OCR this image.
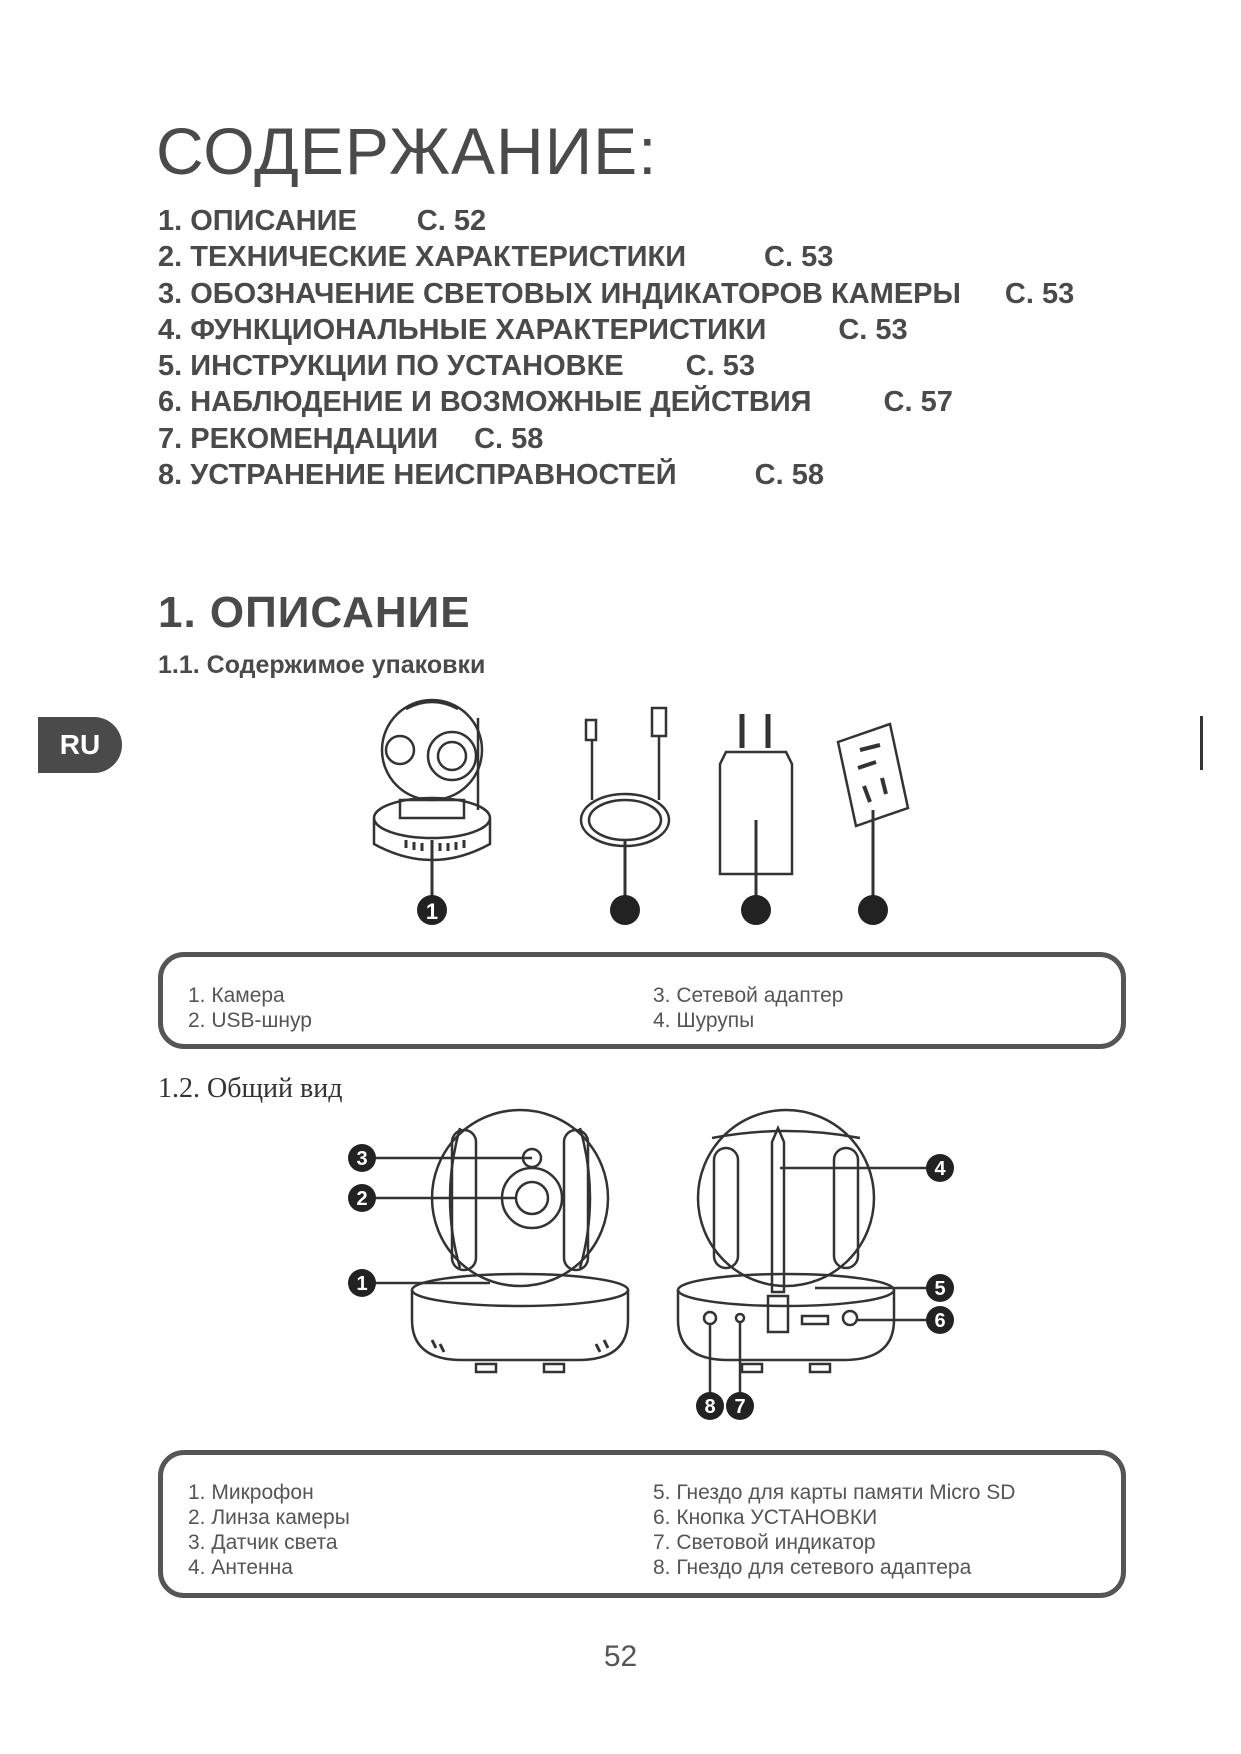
СОДЕРЖАНИЕ:
1. ОПИСАНИЕ С. 52
2. ТЕХНИЧЕСКИЕ ХАРАКТЕРИСТИКИ	С. 53
3. ОБОЗНАЧЕНИЕ СВЕТОВЫХ ИНДИКАТОРОВ КАМЕРЫ С. 53
4. ФУНКЦИОНАЛЬНЫЕ ХАРАКТЕРИСТИКИ С. 53
5. ИНСТРУКЦИИ ПО УСТАНОВКЕ С. 53
6. НАБЛЮДЕНИЕ И ВОЗМОЖНЫЕ ДЕЙСТВИЯ С. 57
7. РЕКОМЕНДАЦИИ С. 58
8. УСТРАНЕНИЕ НЕИСПРАВНОСТЕЙ	С. 58
RU
1. ОПИСАНИЕ
1.1. Содержимое упаковки
1
1. Камера
2. USB-шнур
3. Сетевой адаптер
4. Шурупы
1.2. Общий вид
3
2
1
4
5
6
8 7
1. Микрофон
2. Линза камеры
3. Датчик света
4. Антенна
5. Гнездо для карты памяти Micro SD
6. Кнопка УСТАНОВКИ
7. Световой индикатор
8. Гнездо для сетевого адаптера
52
